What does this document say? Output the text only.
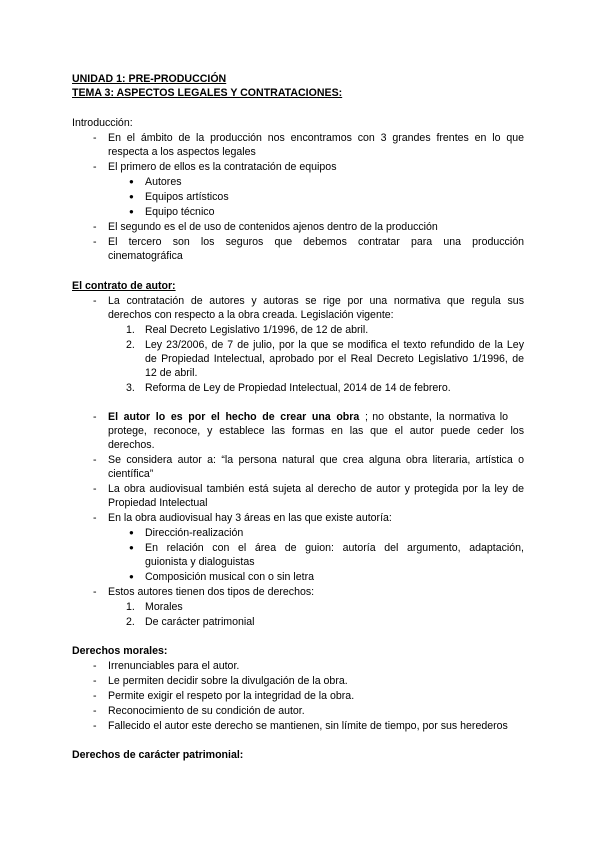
UNIDAD 1: PRE-PRODUCCIÓN
TEMA 3: ASPECTOS LEGALES Y CONTRATACIONES:
Introducción:
- En el ámbito de la producción nos encontramos con 3 grandes frentes en lo que
respecta a los aspectos legales
- El primero de ellos es la contratación de equipos
● Autores
● Equipos artísticos
● Equipo técnico
- El segundo es el de uso de contenidos ajenos dentro de la producción
- El tercero son los seguros que debemos contratar para una producción
cinematográfica
El contrato de autor:
- La contratación de autores y autoras se rige por una normativa que regula sus
derechos con respecto a la obra creada. Legislación vigente:
1. Real Decreto Legislativo 1/1996, de 12 de abril.
2. Ley 23/2006, de 7 de julio, por la que se modifica el texto refundido de la Ley
de Propiedad Intelectual, aprobado por el Real Decreto Legislativo 1/1996, de
12 de abril.
3. Reforma de Ley de Propiedad Intelectual, 2014 de 14 de febrero.
- El autor lo es por el hecho de crear una obra ; no obstante, la normativa lo
protege, reconoce, y establece las formas en las que el autor puede ceder los
derechos.
- Se considera autor a: “la persona natural que crea alguna obra literaria, artística o
científica”
- La obra audiovisual también está sujeta al derecho de autor y protegida por la ley de
Propiedad Intelectual
- En la obra audiovisual hay 3 áreas en las que existe autoría:
● Dirección-realización
● En relación con el área de guion: autoría del argumento, adaptación,
guionista y dialoguistas
● Composición musical con o sin letra
- Estos autores tienen dos tipos de derechos:
1. Morales
2. De carácter patrimonial
Derechos morales:
- Irrenunciables para el autor.
- Le permiten decidir sobre la divulgación de la obra.
- Permite exigir el respeto por la integridad de la obra.
- Reconocimiento de su condición de autor.
- Fallecido el autor este derecho se mantienen, sin límite de tiempo, por sus herederos
Derechos de carácter patrimonial:
